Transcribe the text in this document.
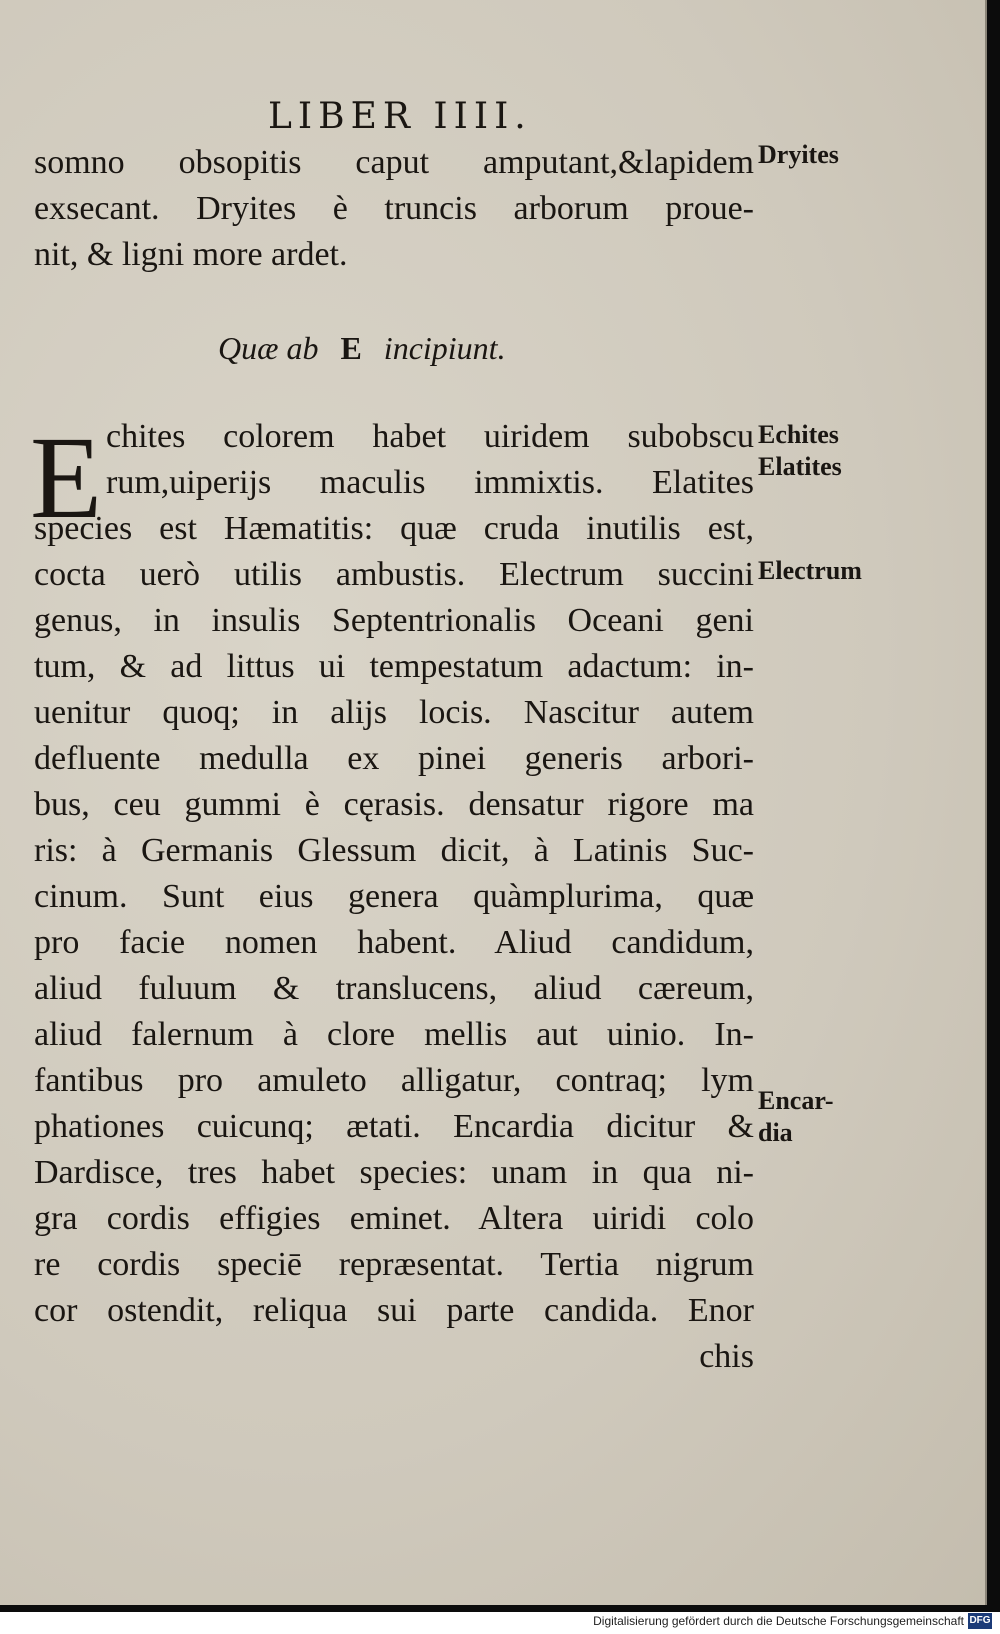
LIBER IIII.
somno obsopitis caput amputant,&lapidem
exsecant. Dryites è truncis arborum proue-
nit, & ligni more ardet.
Dryites
Quæ ab E incipiunt.
E chites colorem habet uiridem subobscu
rum,uiperijs maculis immixtis. Elatites
Echites
Elatites
species est Hæmatitis: quæ cruda inutilis est,
cocta uerò utilis ambustis. Electrum succini
genus, in insulis Septentrionalis Oceani geni
tum, & ad littus ui tempestatum adactum: in-
uenitur quoq; in alijs locis. Nascitur autem
defluente medulla ex pinei generis arbori-
bus, ceu gummi è cęrasis. densatur rigore ma
ris: à Germanis Glessum dicit, à Latinis Suc-
cinum. Sunt eius genera quàmplurima, quæ
pro facie nomen habent. Aliud candidum,
aliud fuluum & translucens, aliud cæreum,
aliud falernum à clore mellis aut uinio. In-
fantibus pro amuleto alligatur, contraq; lym
phationes cuicunq; ætati. Encardia dicitur &
Dardisce, tres habet species: unam in qua ni-
gra cordis effigies eminet. Altera uiridi colo
re cordis speciē repræsentat. Tertia nigrum
cor ostendit, reliqua sui parte candida. Enor
chis
Electrum
Encar-
dia
Digitalisierung gefördert durch die Deutsche Forschungsgemeinschaft DFG
